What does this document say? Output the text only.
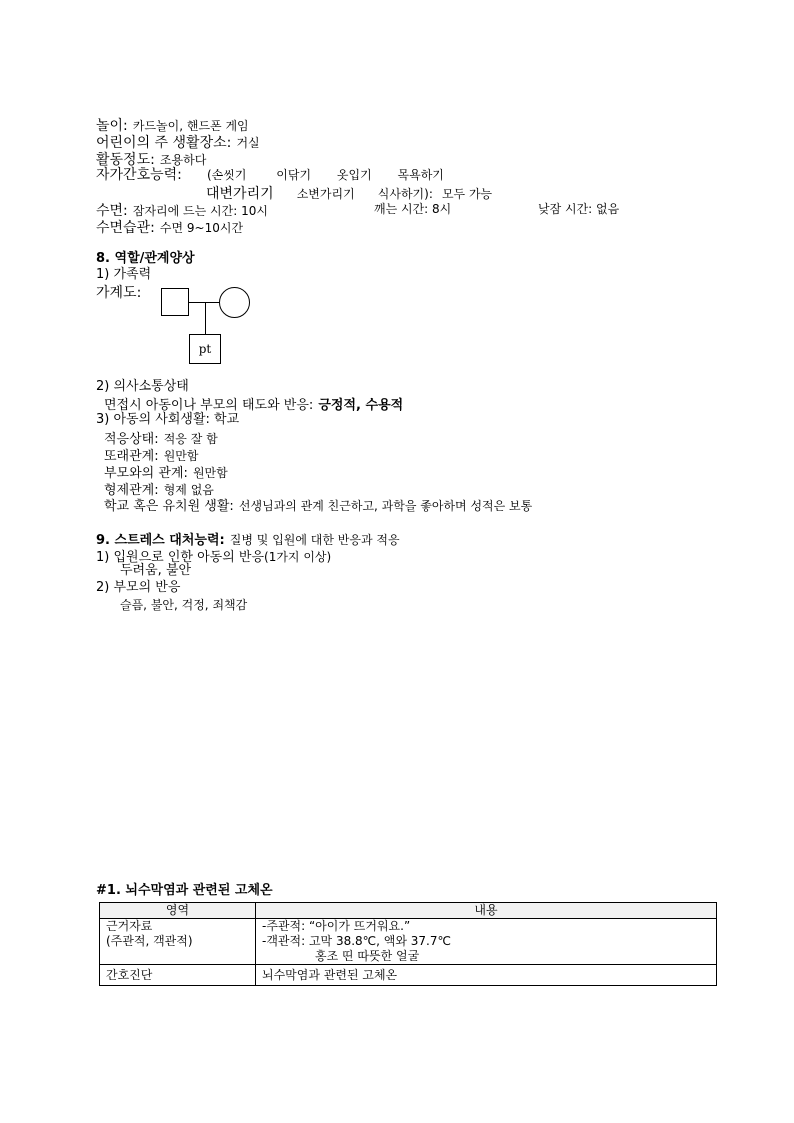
놀이: 카드놀이, 핸드폰 게임
어린이의 주 생활장소: 거실
활동정도: 조용하다
자가간호능력: (손씻기 이닦기 옷입기 목욕하기
대변가리기 소변가리기 식사하기): 모두 가능
수면: 잠자리에 드는 시간: 10시	깨는 시간: 8시	낮잠 시간: 없음
수면습관: 수면 9~10시간
8. 역할/관계양상
1) 가족력
가계도:
pt
2) 의사소통상태
면접시 아동이나 부모의 태도와 반응: 긍정적, 수용적
3) 아동의 사회생활: 학교
적응상태: 적응 잘 함
또래관계: 원만함
부모와의 관계: 원만함
형제관계: 형제 없음
학교 혹은 유치원 생활: 선생님과의 관계 친근하고, 과학을 좋아하며 성적은 보통
9. 스트레스 대처능력: 질병 및 입원에 대한 반응과 적응
1) 입원으로 인한 아동의 반응(1가지 이상)
두려움, 불안
2) 부모의 반응
슬픔, 불안, 걱정, 죄책감
#1. 뇌수막염과 관련된 고체온
영역	내용

근거자료
(주관적, 객관적)	-주관적: “아이가 뜨거워요.”
-객관적: 고막 38.8℃, 액와 37.7℃
홍조 띤 따뜻한 얼굴

간호진단	뇌수막염과 관련된 고체온
